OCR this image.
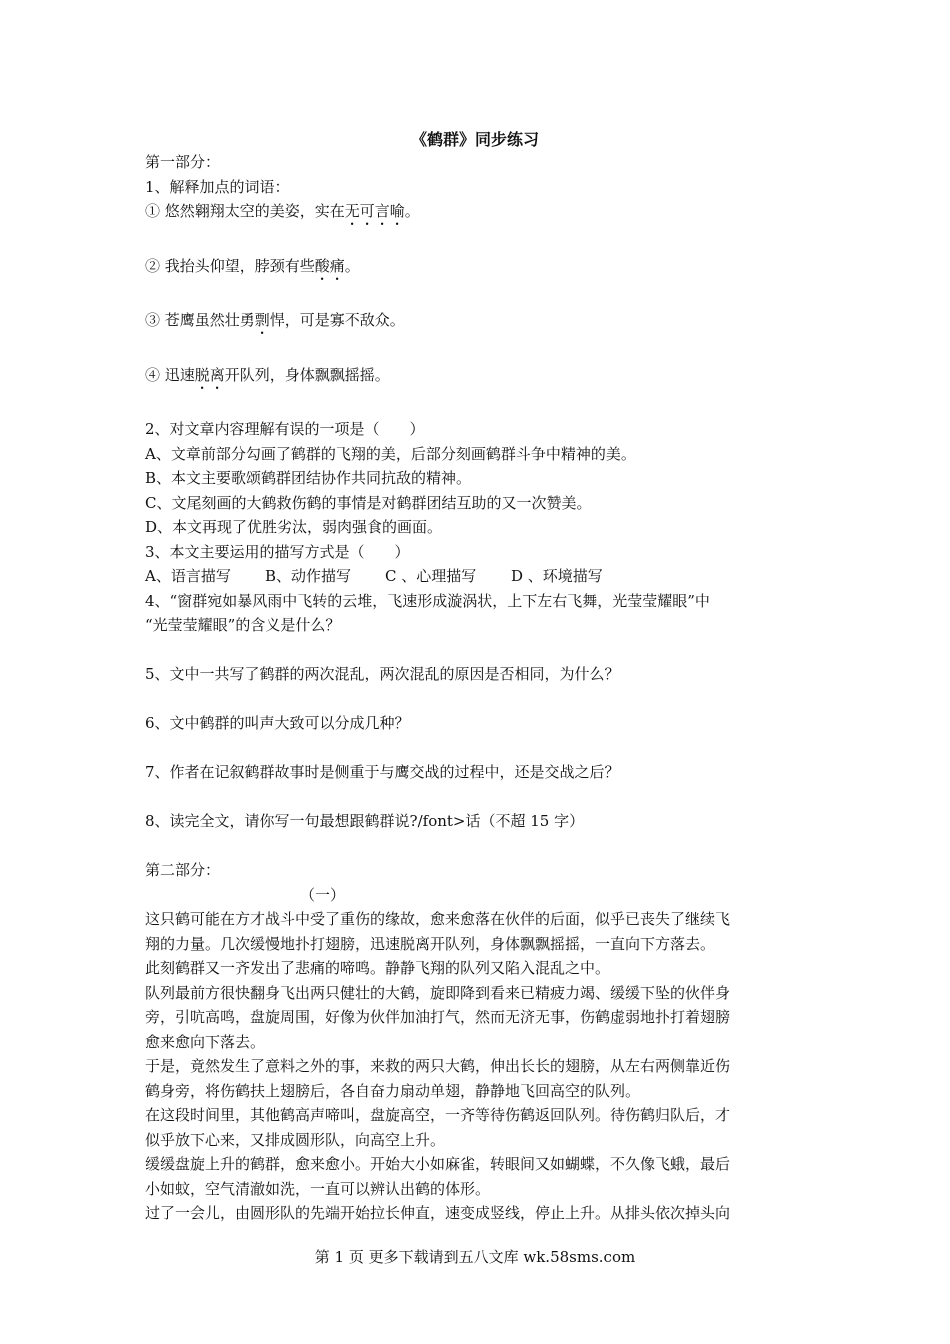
《鹤群》同步练习

第一部分：

1、解释加点的词语：

① 悠然翱翔太空的美姿，实在无可言喻。

② 我抬头仰望，脖颈有些酸痛。

③ 苍鹰虽然壮勇剽悍，可是寡不敌众。

④ 迅速脱离开队列，身体飘飘摇摇。

2、对文章内容理解有误的一项是（　　）

A、文章前部分勾画了鹤群的飞翔的美，后部分刻画鹤群斗争中精神的美。

B、本文主要歌颂鹤群团结协作共同抗敌的精神。

C、文尾刻画的大鹤救伤鹤的事情是对鹤群团结互助的又一次赞美。

D、本文再现了优胜劣汰，弱肉强食的画面。

3、本文主要运用的描写方式是（　　）

A、语言描写 B、动作描写 C 、心理描写 D 、环境描写

4、“窗群宛如暴风雨中飞转的云堆，飞速形成漩涡状，上下左右飞舞，光莹莹耀眼”中

“光莹莹耀眼”的含义是什么？

5、文中一共写了鹤群的两次混乱，两次混乱的原因是否相同，为什么？

6、文中鹤群的叫声大致可以分成几种？

7、作者在记叙鹤群故事时是侧重于与鹰交战的过程中，还是交战之后？

8、读完全文，请你写一句最想跟鹤群说?/font>话（不超 15 字）

第二部分：

（一）

这只鹤可能在方才战斗中受了重伤的缘故，愈来愈落在伙伴的后面，似乎已丧失了继续飞

翔的力量。几次缓慢地扑打翅膀，迅速脱离开队列，身体飘飘摇摇，一直向下方落去。

此刻鹤群又一齐发出了悲痛的啼鸣。静静飞翔的队列又陷入混乱之中。

队列最前方很快翻身飞出两只健壮的大鹤，旋即降到看来已精疲力竭、缓缓下坠的伙伴身

旁，引吭高鸣，盘旋周围，好像为伙伴加油打气，然而无济无事，伤鹤虚弱地扑打着翅膀

愈来愈向下落去。

于是，竟然发生了意料之外的事，来救的两只大鹤，伸出长长的翅膀，从左右两侧靠近伤

鹤身旁，将伤鹤扶上翅膀后，各自奋力扇动单翅，静静地飞回高空的队列。

在这段时间里，其他鹤高声啼叫，盘旋高空，一齐等待伤鹤返回队列。待伤鹤归队后，才

似乎放下心来，又排成圆形队，向高空上升。

缓缓盘旋上升的鹤群，愈来愈小。开始大小如麻雀，转眼间又如蝴蝶，不久像飞蛾，最后

小如蚊，空气清澈如洗，一直可以辨认出鹤的体形。

过了一会儿，由圆形队的先端开始拉长伸直，速变成竖线，停止上升。从排头依次掉头向

第 1 页 更多下载请到五八文库 wk.58sms.com
